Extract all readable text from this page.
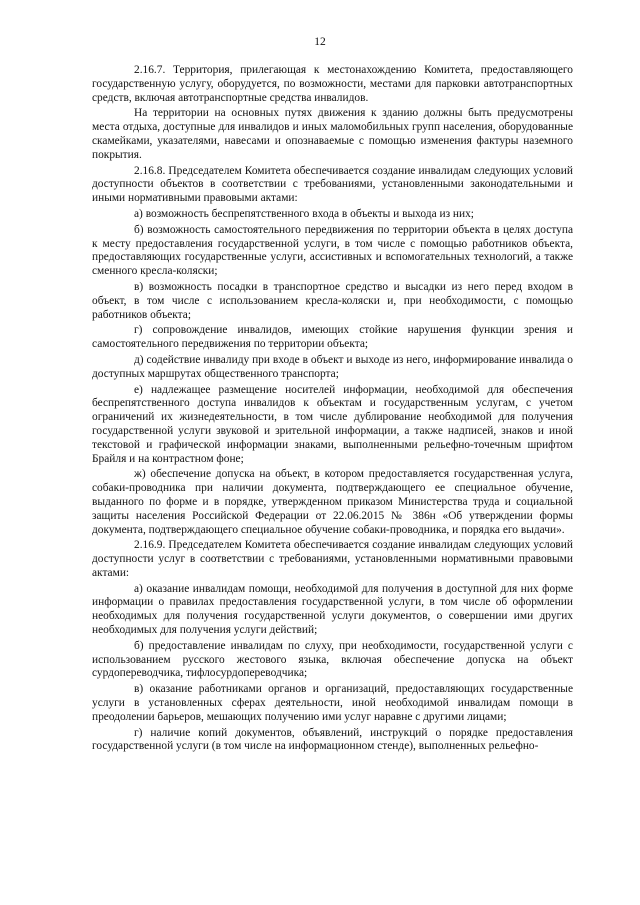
12

2.16.7. Территория, прилегающая к местонахождению Комитета, предоставляющего государственную услугу, оборудуется, по возможности, местами для парковки автотранспортных средств, включая автотранспортные средства инвалидов.

На территории на основных путях движения к зданию должны быть предусмотрены места отдыха, доступные для инвалидов и иных маломобильных групп населения, оборудованные скамейками, указателями, навесами и опознаваемые с помощью изменения фактуры наземного покрытия.

2.16.8. Председателем Комитета обеспечивается создание инвалидам следующих условий доступности объектов в соответствии с требованиями, установленными законодательными и иными нормативными правовыми актами:

а) возможность беспрепятственного входа в объекты и выхода из них;

б) возможность самостоятельного передвижения по территории объекта в целях доступа к месту предоставления государственной услуги, в том числе с помощью работников объекта, предоставляющих государственные услуги, ассистивных и вспомогательных технологий, а также сменного кресла-коляски;

в) возможность посадки в транспортное средство и высадки из него перед входом в объект, в том числе с использованием кресла-коляски и, при необходимости, с помощью работников объекта;

г) сопровождение инвалидов, имеющих стойкие нарушения функции зрения и самостоятельного передвижения по территории объекта;

д) содействие инвалиду при входе в объект и выходе из него, информирование инвалида о доступных маршрутах общественного транспорта;

е) надлежащее размещение носителей информации, необходимой для обеспечения беспрепятственного доступа инвалидов к объектам и государственным услугам, с учетом ограничений их жизнедеятельности, в том числе дублирование необходимой для получения государственной услуги звуковой и зрительной информации, а также надписей, знаков и иной текстовой и графической информации знаками, выполненными рельефно-точечным шрифтом Брайля и на контрастном фоне;

ж) обеспечение допуска на объект, в котором предоставляется государственная услуга, собаки-проводника при наличии документа, подтверждающего ее специальное обучение, выданного по форме и в порядке, утвержденном приказом Министерства труда и социальной защиты населения Российской Федерации от 22.06.2015 № 386н «Об утверждении формы документа, подтверждающего специальное обучение собаки-проводника, и порядка его выдачи».

2.16.9. Председателем Комитета обеспечивается создание инвалидам следующих условий доступности услуг в соответствии с требованиями, установленными нормативными правовыми актами:

а) оказание инвалидам помощи, необходимой для получения в доступной для них форме информации о правилах предоставления государственной услуги, в том числе об оформлении необходимых для получения государственной услуги документов, о совершении ими других необходимых для получения услуги действий;

б) предоставление инвалидам по слуху, при необходимости, государственной услуги с использованием русского жестового языка, включая обеспечение допуска на объект сурдопереводчика, тифлосурдопереводчика;

в) оказание работниками органов и организаций, предоставляющих государственные услуги в установленных сферах деятельности, иной необходимой инвалидам помощи в преодолении барьеров, мешающих получению ими услуг наравне с другими лицами;

г) наличие копий документов, объявлений, инструкций о порядке предоставления государственной услуги (в том числе на информационном стенде), выполненных рельефно-
